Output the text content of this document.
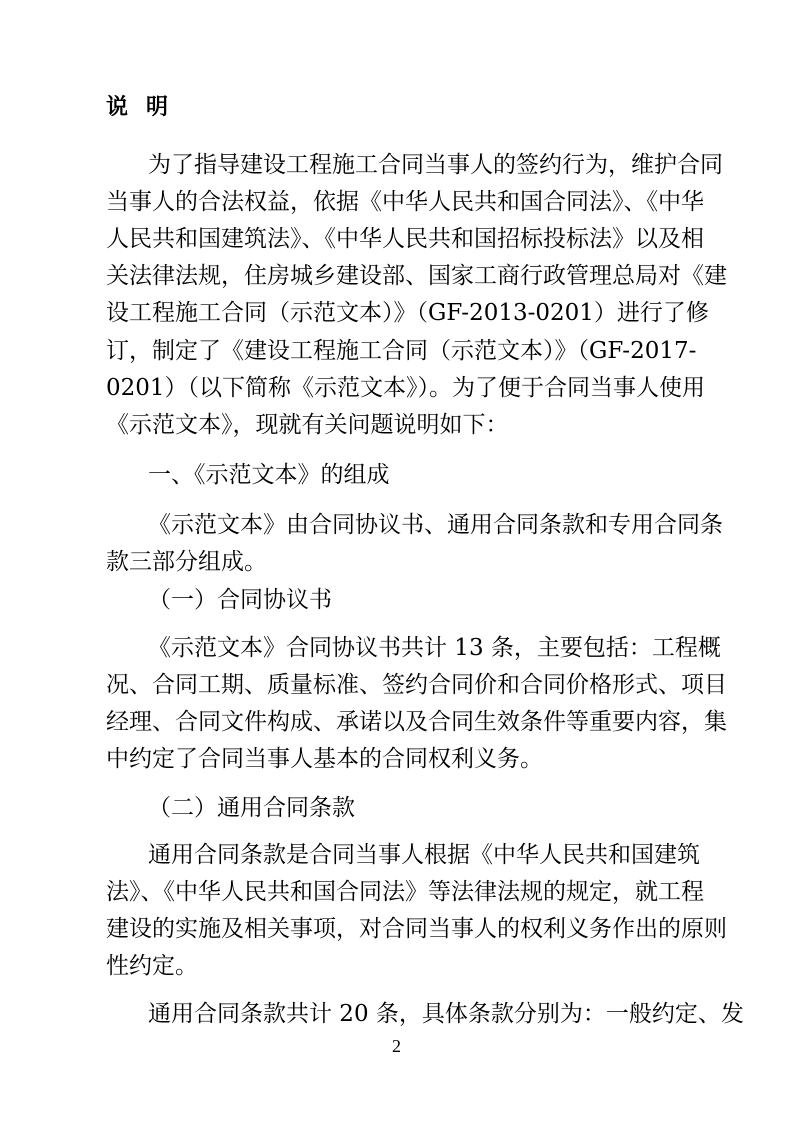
说明
为了指导建设工程施工合同当事人的签约行为，维护合同
当事人的合法权益，依据《中华人民共和国合同法》、《中华
人民共和国建筑法》、《中华人民共和国招标投标法》以及相
关法律法规，住房城乡建设部、国家工商行政管理总局对《建
设工程施工合同（示范文本）》（GF-2013-0201）进行了修
订，制定了《建设工程施工合同（示范文本）》（GF-2017-
0201）（以下简称《示范文本》）。为了便于合同当事人使用
《示范文本》，现就有关问题说明如下：
一、《示范文本》的组成
《示范文本》由合同协议书、通用合同条款和专用合同条
款三部分组成。
（一）合同协议书
《示范文本》合同协议书共计 13 条，主要包括：工程概
况、合同工期、质量标准、签约合同价和合同价格形式、项目
经理、合同文件构成、承诺以及合同生效条件等重要内容，集
中约定了合同当事人基本的合同权利义务。
（二）通用合同条款
通用合同条款是合同当事人根据《中华人民共和国建筑
法》、《中华人民共和国合同法》等法律法规的规定，就工程
建设的实施及相关事项，对合同当事人的权利义务作出的原则
性约定。
通用合同条款共计 20 条，具体条款分别为：一般约定、发
2
